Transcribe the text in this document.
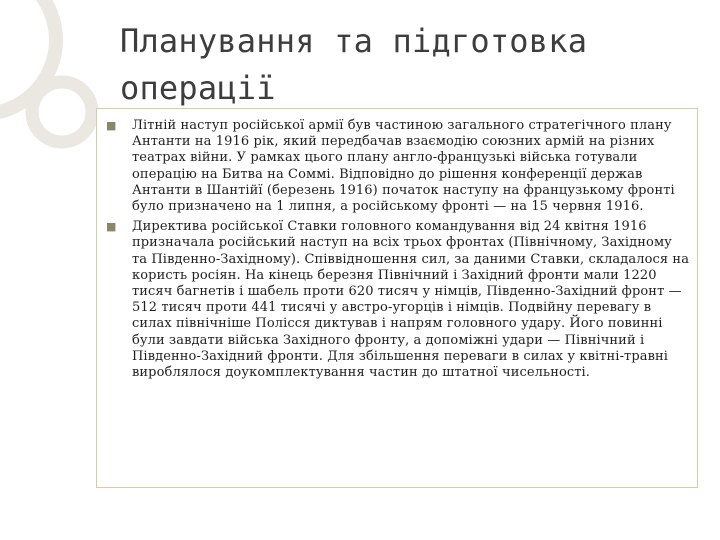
Планування та підготовка
операції
■ Літній наступ російської армії був частиною загального стратегічного плану Антанти на 1916 рік, який передбачав взаємодію союзних армій на різних театрах війни. У рамках цього плану англо-французькі війська готували операцію на Битва на Соммі. Відповідно до рішення конференції держав Антанти в Шантійї (березень 1916) початок наступу на французькому фронті було призначено на 1 липня, а російському фронті — на 15 червня 1916.
■ Директива російської Ставки головного командування від 24 квітня 1916 призначала російський наступ на всіх трьох фронтах (Північному, Західному та Південно-Західному). Співвідношення сил, за даними Ставки, складалося на користь росіян. На кінець березня Північний і Західний фронти мали 1220 тисяч багнетів і шабель проти 620 тисяч у німців, Південно-Західний фронт — 512 тисяч проти 441 тисячі у австро-угорців і німців. Подвійну перевагу в силах північніше Полісся диктував і напрям головного удару. Його повинні були завдати війська Західного фронту, а допоміжні удари — Північний і Південно-Західний фронти. Для збільшення переваги в силах у квітні-травні вироблялося доукомплектування частин до штатної чисельності.
